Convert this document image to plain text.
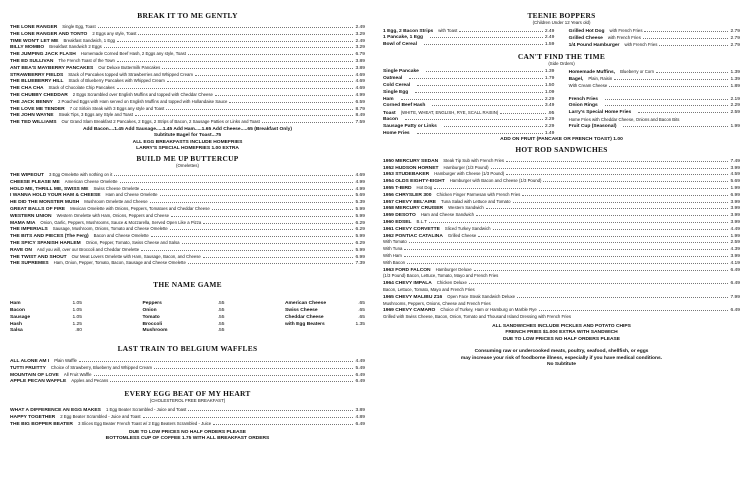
BREAK IT TO ME GENTLY
THE LONE RANGER Single Egg, Toast	2.49
THE LONE RANGER AND TONTO 2 Eggs any style, Toast	3.29
TIME WON'T LET ME Breakfast Sandwich, 1 Egg	2.49
BILLY MOMBO Breakfast Sandwich 2 Eggs	3.29
THE JUMPING JACK FLASH Homemade Corned Beef Hash, 2 Eggs any style, Toast	6.79
THE ED SULLIVAN The French Toast of the Town	3.89
ANT BEA'S MAYBERRY PANCAKES Our Deluxe Buttermilk Pancakes	3.89
STRAWBERRY FIELDS Stack of Pancakes topped with Strawberries and Whipped Cream	4.69
THE BLUEBERRY HILL Stack of Blueberry Pancakes with Whipped Cream	4.69
THE CHA CHA Stack of Chocolate Chip Pancakes	4.69
THE CHUBBY CHEDDAR 2 Eggs Scrambled over English Muffins and topped with Cheddar Cheese	4.99
THE JACK BENNY 2 Poached Eggs with Ham served on English Muffins and topped with Hollandaise Sauce	6.59
THE LOVE ME TENDER 7 oz Sirloin Steak with 3 Eggs any style and Toast	8.79
THE JOHN WAYNE Steak Tips, 3 Eggs any Style and Toast	8.49
THE TED WILLIAMS Our Grand Slam Breakfast 2 Pancakes, 2 Eggs, 2 Strips of Bacon, 2 Sausage Patties or Links and Toast	7.59
Add Bacon....1.45 Add Sausage.....1.45 Add Ham.....1.65 Add Cheese.....65 (Breakfast Only)
Subtitute Bagel for Toast...75
ALL EGG BREAKFASTS INCLUDE HOMEFRIES
LARRY'S SPECIAL HOMEFRIES 1.00 EXTRA
BUILD ME UP BUTTERCUP
(Omelettes)
THE WIPEOUT 3 Egg Omelette with nothing on it	4.69
CHEESE PLEASE ME American Cheese Omelette	4.99
HOLD ME, THRILL ME, SWISS ME Swiss Cheese Omelette	4.99
I WANNA HOLD YOUR HAM & CHEESE Ham and Cheese Omelette	5.69
HE DID THE MONSTER MUSH Mushroom Omelette and Cheese	5.39
GREAT BALLS OF FIRE Mexican Omelette with Onions, Peppers, Tomatoes and Cheddar Cheese	5.99
WESTERN UNION Western Omelette with Ham, Onions, Peppers and Cheese	5.99
MAMA MIA Onion, Garlic, Peppers, Mushrooms, Sauce & Mozzarella, Served Open Like a Pizza	6.29
THE IMPERIALS Sausage, Mushroom, Onions, Tomato and Cheese Omelette	6.29
THE BITS AND PIECES (The Ferg) Bacon and Cheese Omelette	5.99
THE SPICY SPANISH HARLEM Onion, Pepper, Tomato, Swiss Cheese and Salsa	6.29
RAVE ON And you will, over our Broccoli and Cheddar Omelette	5.99
THE TWIST AND SHOUT Our Meat Lovers Omelette with Ham, Sausage, Bacon, and Cheese	6.99
THE SUPREMES Ham, Onion, Pepper, Tomato, Bacon, Sausage and Cheese Omelette	7.39
THE NAME GAME
Ham	1.05
Bacon	1.05
Sausage	1.05
Hash	1.25
Salsa	.80
Peppers	.55
Onion	.55
Tomato	.55
Broccoli	.55
Mushroom	.55
American Cheese	.65
Swiss Cheese	.65
Cheddar Cheese	.65
with Egg Beaters	1.35
LAST TRAIN TO BELGIUM WAFFLES
ALL ALONE AM I Plain Waffle	4.49
TUTTI FRUITTY Choice of Strawberry, Blueberry and Whipped Cream	5.49
MOUNTAIN OF LOVE All Fruit Waffle	6.49
APPLE PECAN WAFFLE Apples and Pecans	6.49
EVERY EGG BEAT OF MY HEART
(CHOLESTEROL FREE BREAKFAST)
WHAT A DIFFERENCE AN EGG MAKES 1 Egg Beater Scrambled - Juice and Toast	3.89
HAPPY TOGETHER 2 Egg Beater Scrambled - Juice and Toast	4.89
THE BIG BOPPER BEATER 3 Slices Egg Beater French Toast w/ 2 Egg Beaters Scrambled - Juice	6.49
DUE TO LOW PRICES NO HALF ORDERS PLEASE
BOTTOMLESS CUP OF COFFEE 1.75 WITH ALL BREAKFAST ORDERS
TEENIE BOPPERS
(Children Under 12 Years old)
1 Egg, 2 Bacon Strips with Toast	2.49
1 Pancake, 1 Egg	2.49
Bowl of Cereal	1.59
Grilled Hot Dog with French Fries	2.79
Grilled Cheese with French Fries	2.79
1/4 Pound Hamburger with French Fries	2.79
CAN'T FIND THE TIME
(Side Orders)
Single Pancake	1.39
Oatmeal	1.79
Cold Cereal	1.50
Single Egg	1.09
Ham	2.29
Corned Beef Hash	3.49
Toast (WHITE, WHEAT, ENGLISH, RYE, SCALL RAISIN)	.95
Bacon	2.29
Sausage Patty or Links	2.29
Home Fries	1.49
Homemade Muffins, Blueberry or Corn	1.39
Bagel, Plain, Raisin	1.39
With Cream Cheese	1.89
French Fries	2.19
Onion Rings	2.29
Larry's Special Home Fries	2.59
Home Fries with Cheddar Cheese, Onions and Bacon Bits
Fruit Cup (Seasonal)	1.99
ADD ON FRUIT (PANCAKE OR FRENCH TOAST) 1.00
HOT ROD SANDWICHES
1950 MERCURY SEDAN Steak Tip Sub with French Fries	7.49
1952 HUDSON HORNET Hamburger (1/3 Pound)	3.99
1953 STUDEBAKER Hamburger with Cheese (1/3 Pound)	4.59
1954 OLDS EIGHTY-EIGHT Hamburger with Bacon and Cheese (1/3 Pound)	5.69
1955 T-BIRD Hot Dog	1.99
1956 CHRYSLER 300 Chicken Finger Parmesan with French Fries	6.99
1957 CHEVY BEL'AIRE Tuna Salad with Lettuce and Tomato	3.99
1958 MERCURY CRUISER Western Sandwich	3.99
1959 DESOTO Ham and Cheese Sandwich	3.99
1960 EDSEL B.L.T	3.99
1961 CHEVY CORVETTE Sliced Turkey Sandwich	4.49
1962 PONTIAC CATALINA Grilled Cheese	1.99
With Tomato	2.59
With Tuna	4.39
With Ham	3.99
With Bacon	4.19
1963 FORD FALCON Hamburger Deluxe	6.49
(1/3 Pound) Bacon, Lettuce, Tomato, Mayo and French Fries
1964 CHEVY IMPALA Chicken Deluxe	6.49
Bacon, Lettuce, Tomato, Mayo and French Fries
1965 CHEVY MALIBU Z16 Open Face Steak Sandwich Deluxe	7.99
Mushrooms, Peppers, Onions, Cheese and French Fries
1969 CHEVY CAMARO Choice of Turkey, Ham or Hamburg on Marble Rye	6.49
Grilled with Swiss Cheese, Bacon, Onion, Tomato and Thousand Island Dressing with French Fries
ALL SANDWICHES INCLUDE PICKLES AND POTATO CHIPS
FRENCH FRIES $1.00¢ EXTRA WITH SANDWICH
DUE TO LOW PRICES NO HALF ORDERS PLEASE
Consuming raw or undercooked meats, poultry, seafood, shellfish, or eggs
may increase your risk of foodborne illness, especially if you have medical conditions.
No Subtitute
